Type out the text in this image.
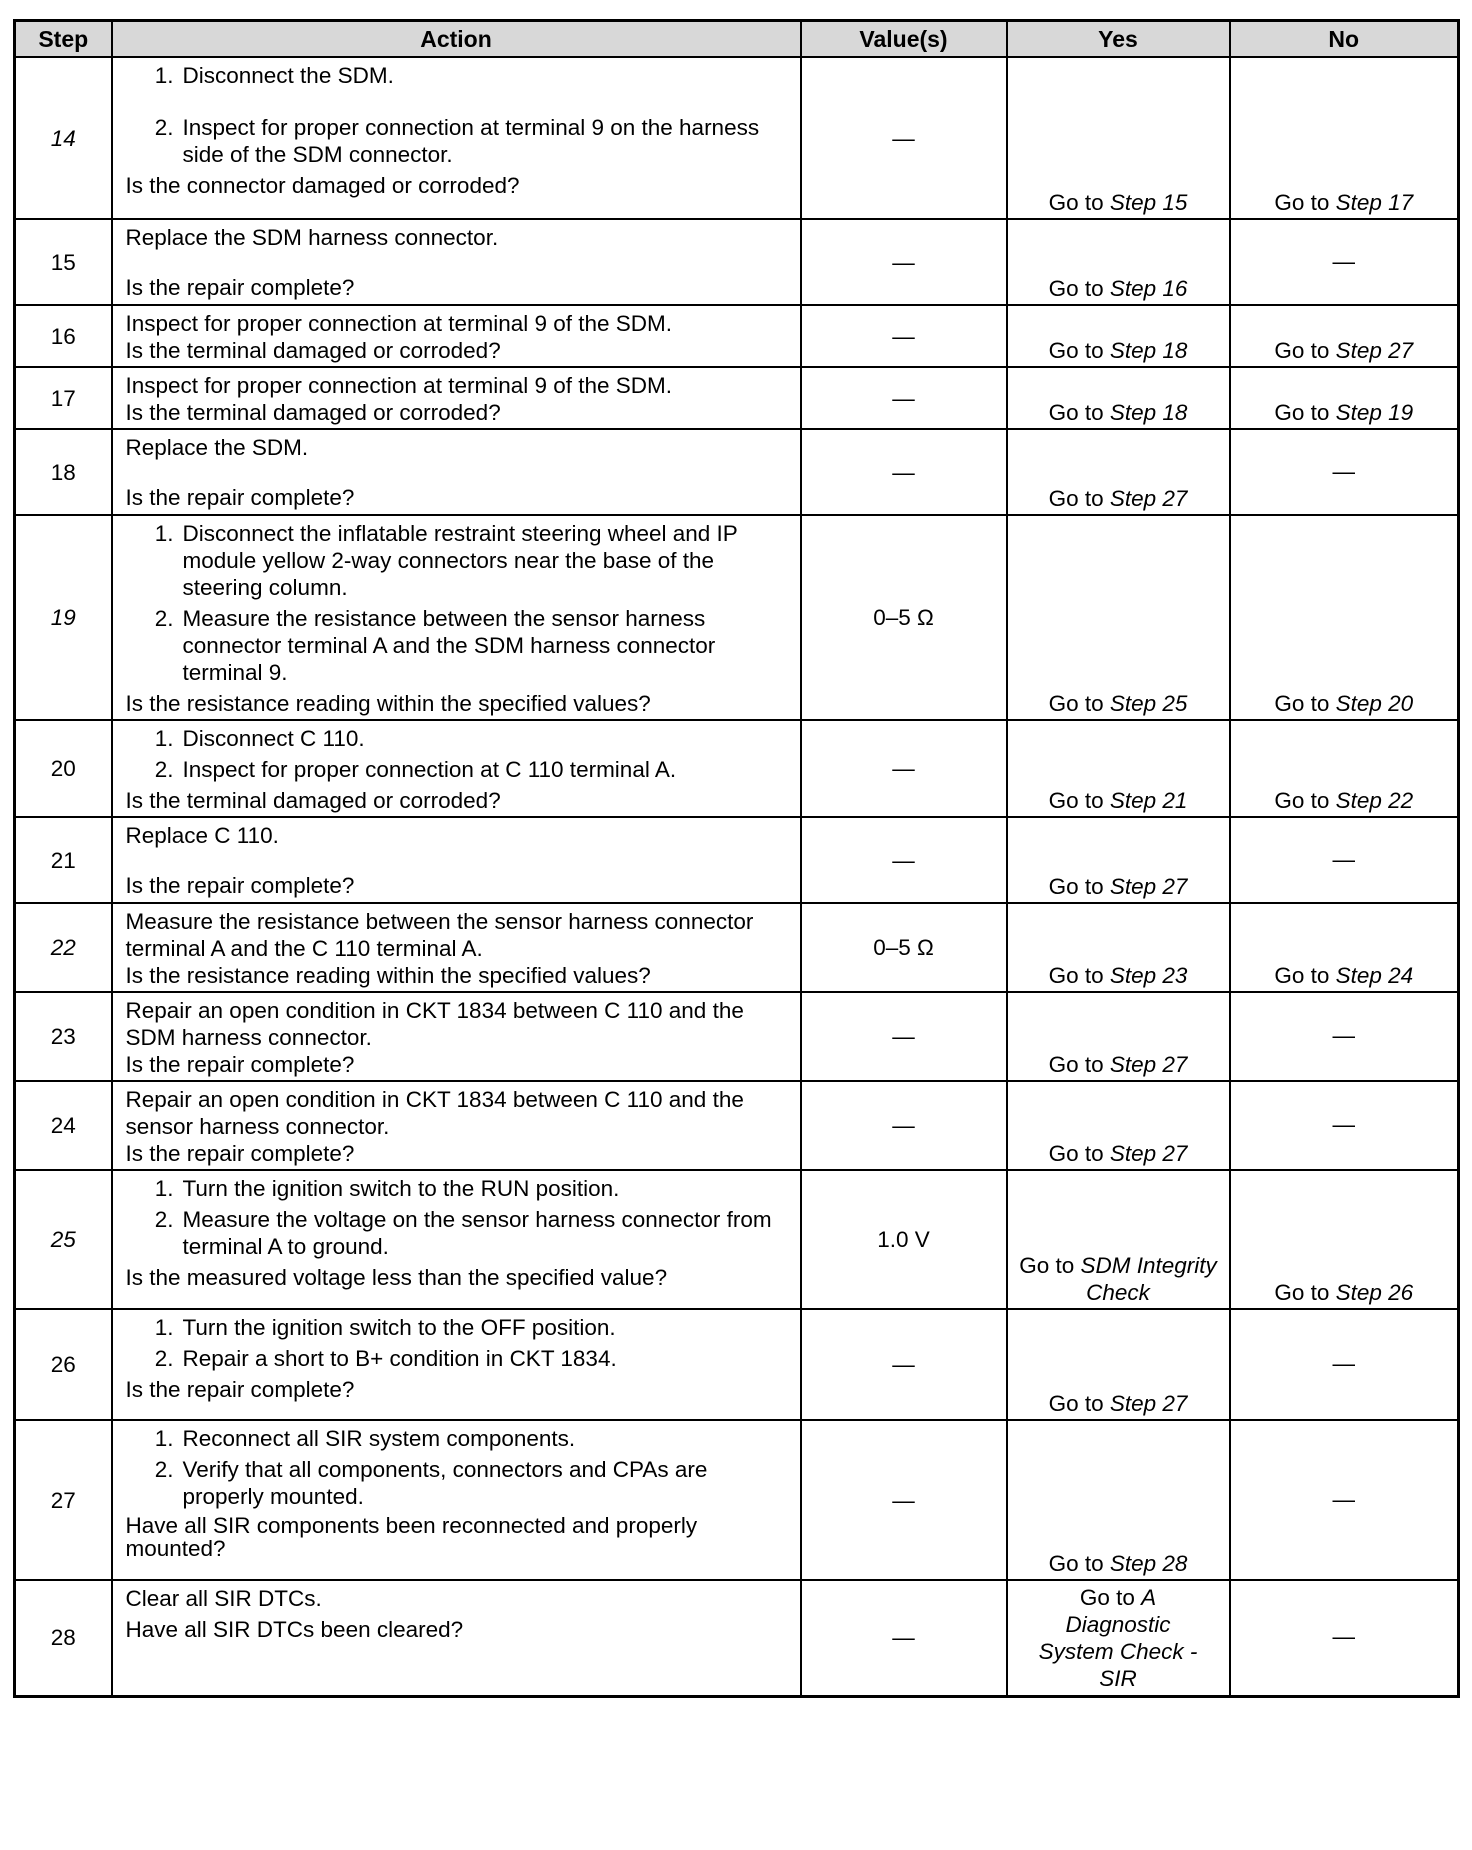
Step	Action	Value(s)	Yes	No
14	1. Disconnect the SDM.
2. Inspect for proper connection at terminal 9 on the harness side of the SDM connector.
Is the connector damaged or corroded?	—	Go to Step 15	Go to Step 17
15	Replace the SDM harness connector.
Is the repair complete?	—	Go to Step 16	—
16	Inspect for proper connection at terminal 9 of the SDM.
Is the terminal damaged or corroded?	—	Go to Step 18	Go to Step 27
17	Inspect for proper connection at terminal 9 of the SDM.
Is the terminal damaged or corroded?	—	Go to Step 18	Go to Step 19
18	Replace the SDM.
Is the repair complete?	—	Go to Step 27	—
19	1. Disconnect the inflatable restraint steering wheel and IP module yellow 2-way connectors near the base of the steering column.
2. Measure the resistance between the sensor harness connector terminal A and the SDM harness connector terminal 9.
Is the resistance reading within the specified values?	0–5 Ω	Go to Step 25	Go to Step 20
20	1. Disconnect C 110.
2. Inspect for proper connection at C 110 terminal A.
Is the terminal damaged or corroded?	—	Go to Step 21	Go to Step 22
21	Replace C 110.
Is the repair complete?	—	Go to Step 27	—
22	Measure the resistance between the sensor harness connector terminal A and the C 110 terminal A.
Is the resistance reading within the specified values?	0–5 Ω	Go to Step 23	Go to Step 24
23	Repair an open condition in CKT 1834 between C 110 and the SDM harness connector.
Is the repair complete?	—	Go to Step 27	—
24	Repair an open condition in CKT 1834 between C 110 and the sensor harness connector.
Is the repair complete?	—	Go to Step 27	—
25	1. Turn the ignition switch to the RUN position.
2. Measure the voltage on the sensor harness connector from terminal A to ground.
Is the measured voltage less than the specified value?	1.0 V	Go to SDM Integrity Check	Go to Step 26
26	1. Turn the ignition switch to the OFF position.
2. Repair a short to B+ condition in CKT 1834.
Is the repair complete?	—	Go to Step 27	—
27	1. Reconnect all SIR system components.
2. Verify that all components, connectors and CPAs are properly mounted.
Have all SIR components been reconnected and properly mounted?	—	Go to Step 28	—
28	Clear all SIR DTCs.
Have all SIR DTCs been cleared?	—	Go to A Diagnostic System Check - SIR	—
